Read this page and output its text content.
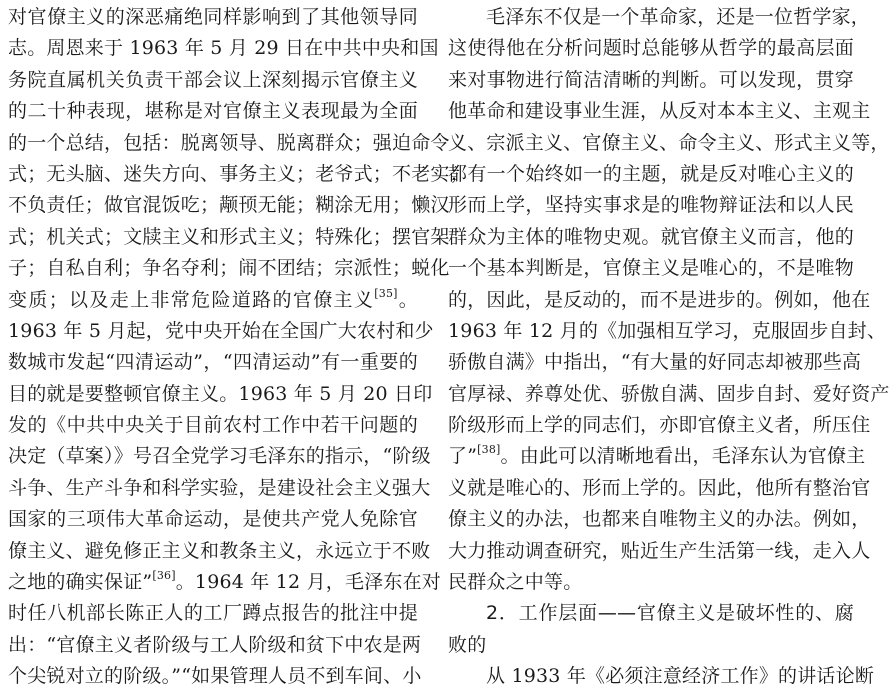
对官僚主义的深恶痛绝同样影响到了其他领导同
志。周恩来于 1963 年 5 月 29 日在中共中央和国
务院直属机关负责干部会议上深刻揭示官僚主义
的二十种表现，堪称是对官僚主义表现最为全面
的一个总结，包括：脱离领导、脱离群众；强迫命令
式；无头脑、迷失方向、事务主义；老爷式；不老实；
不负责任；做官混饭吃；颟顸无能；糊涂无用；懒汉
式；机关式；文牍主义和形式主义；特殊化；摆官架
子；自私自利；争名夺利；闹不团结；宗派性；蜕化
变质；以及走上非常危险道路的官僚主义[35]。
1963 年 5 月起，党中央开始在全国广大农村和少
数城市发起“四清运动”，“四清运动”有一重要的
目的就是要整顿官僚主义。1963 年 5 月 20 日印
发的《中共中央关于目前农村工作中若干问题的
决定（草案）》号召全党学习毛泽东的指示，“阶级
斗争、生产斗争和科学实验，是建设社会主义强大
国家的三项伟大革命运动，是使共产党人免除官
僚主义、避免修正主义和教条主义，永远立于不败
之地的确实保证”[36]。1964 年 12 月，毛泽东在对
时任八机部长陈正人的工厂蹲点报告的批注中提
出：“官僚主义者阶级与工人阶级和贫下中农是两
个尖锐对立的阶级。”“如果管理人员不到车间、小
毛泽东不仅是一个革命家，还是一位哲学家，
这使得他在分析问题时总能够从哲学的最高层面
来对事物进行简洁清晰的判断。可以发现，贯穿
他革命和建设事业生涯，从反对本本主义、主观主
义、宗派主义、官僚主义、命令主义、形式主义等，
都有一个始终如一的主题，就是反对唯心主义的
形而上学，坚持实事求是的唯物辩证法和以人民
群众为主体的唯物史观。就官僚主义而言，他的
一个基本判断是，官僚主义是唯心的，不是唯物
的，因此，是反动的，而不是进步的。例如，他在
1963 年 12 月的《加强相互学习，克服固步自封、
骄傲自满》中指出，“有大量的好同志却被那些高
官厚禄、养尊处优、骄傲自满、固步自封、爱好资产
阶级形而上学的同志们，亦即官僚主义者，所压住
了”[38]。由此可以清晰地看出，毛泽东认为官僚主
义就是唯心的、形而上学的。因此，他所有整治官
僚主义的办法，也都来自唯物主义的办法。例如，
大力推动调查研究，贴近生产生活第一线，走入人
民群众之中等。
2．工作层面——官僚主义是破坏性的、腐
败的
从 1933 年《必须注意经济工作》的讲话论断
